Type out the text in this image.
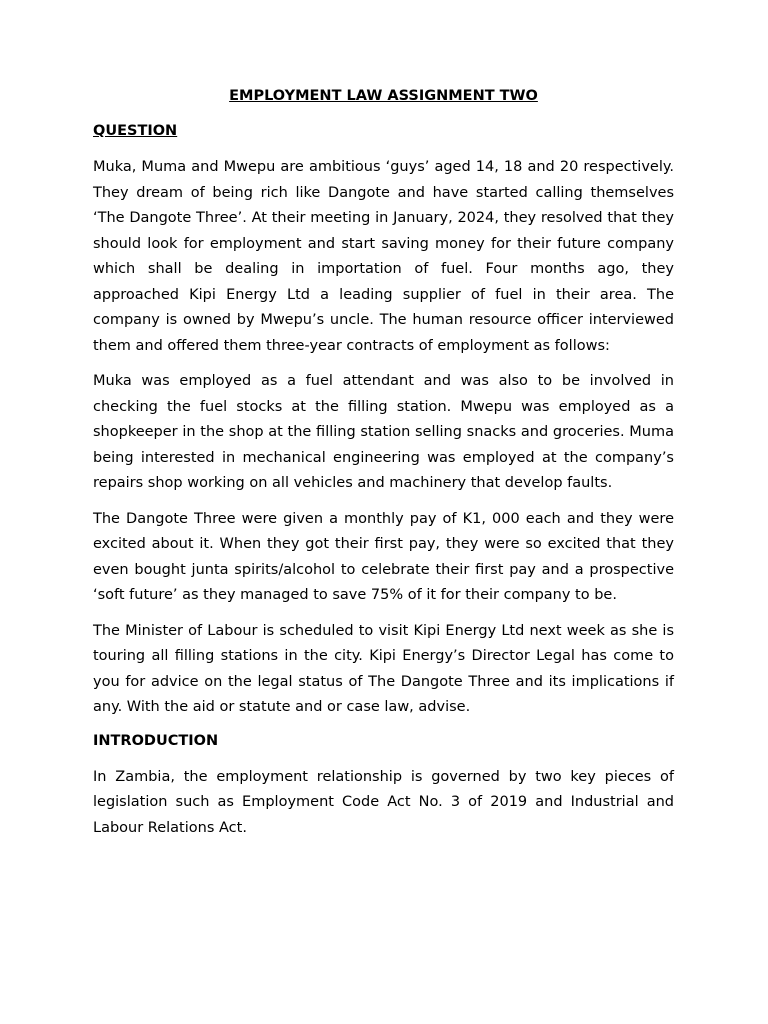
EMPLOYMENT LAW ASSIGNMENT TWO
QUESTION

Muka, Muma and Mwepu are ambitious ‘guys’ aged 14, 18 and 20 respectively. They dream of being rich like Dangote and have started calling themselves ‘The Dangote Three’. At their meeting in January, 2024, they resolved that they should look for employment and start saving money for their future company which shall be dealing in importation of fuel. Four months ago, they approached Kipi Energy Ltd a leading supplier of fuel in their area. The company is owned by Mwepu’s uncle. The human resource officer interviewed them and offered them three-year contracts of employment as follows:

Muka was employed as a fuel attendant and was also to be involved in checking the fuel stocks at the filling station. Mwepu was employed as a shopkeeper in the shop at the filling station selling snacks and groceries. Muma being interested in mechanical engineering was employed at the company’s repairs shop working on all vehicles and machinery that develop faults.

The Dangote Three were given a monthly pay of K1, 000 each and they were excited about it. When they got their first pay, they were so excited that they even bought junta spirits/alcohol to celebrate their first pay and a prospective ‘soft future’ as they managed to save 75% of it for their company to be.

The Minister of Labour is scheduled to visit Kipi Energy Ltd next week as she is touring all filling stations in the city. Kipi Energy’s Director Legal has come to you for advice on the legal status of The Dangote Three and its implications if any. With the aid or statute and or case law, advise.

INTRODUCTION

In Zambia, the employment relationship is governed by two key pieces of legislation such as Employment Code Act No. 3 of 2019 and Industrial and Labour Relations Act.
